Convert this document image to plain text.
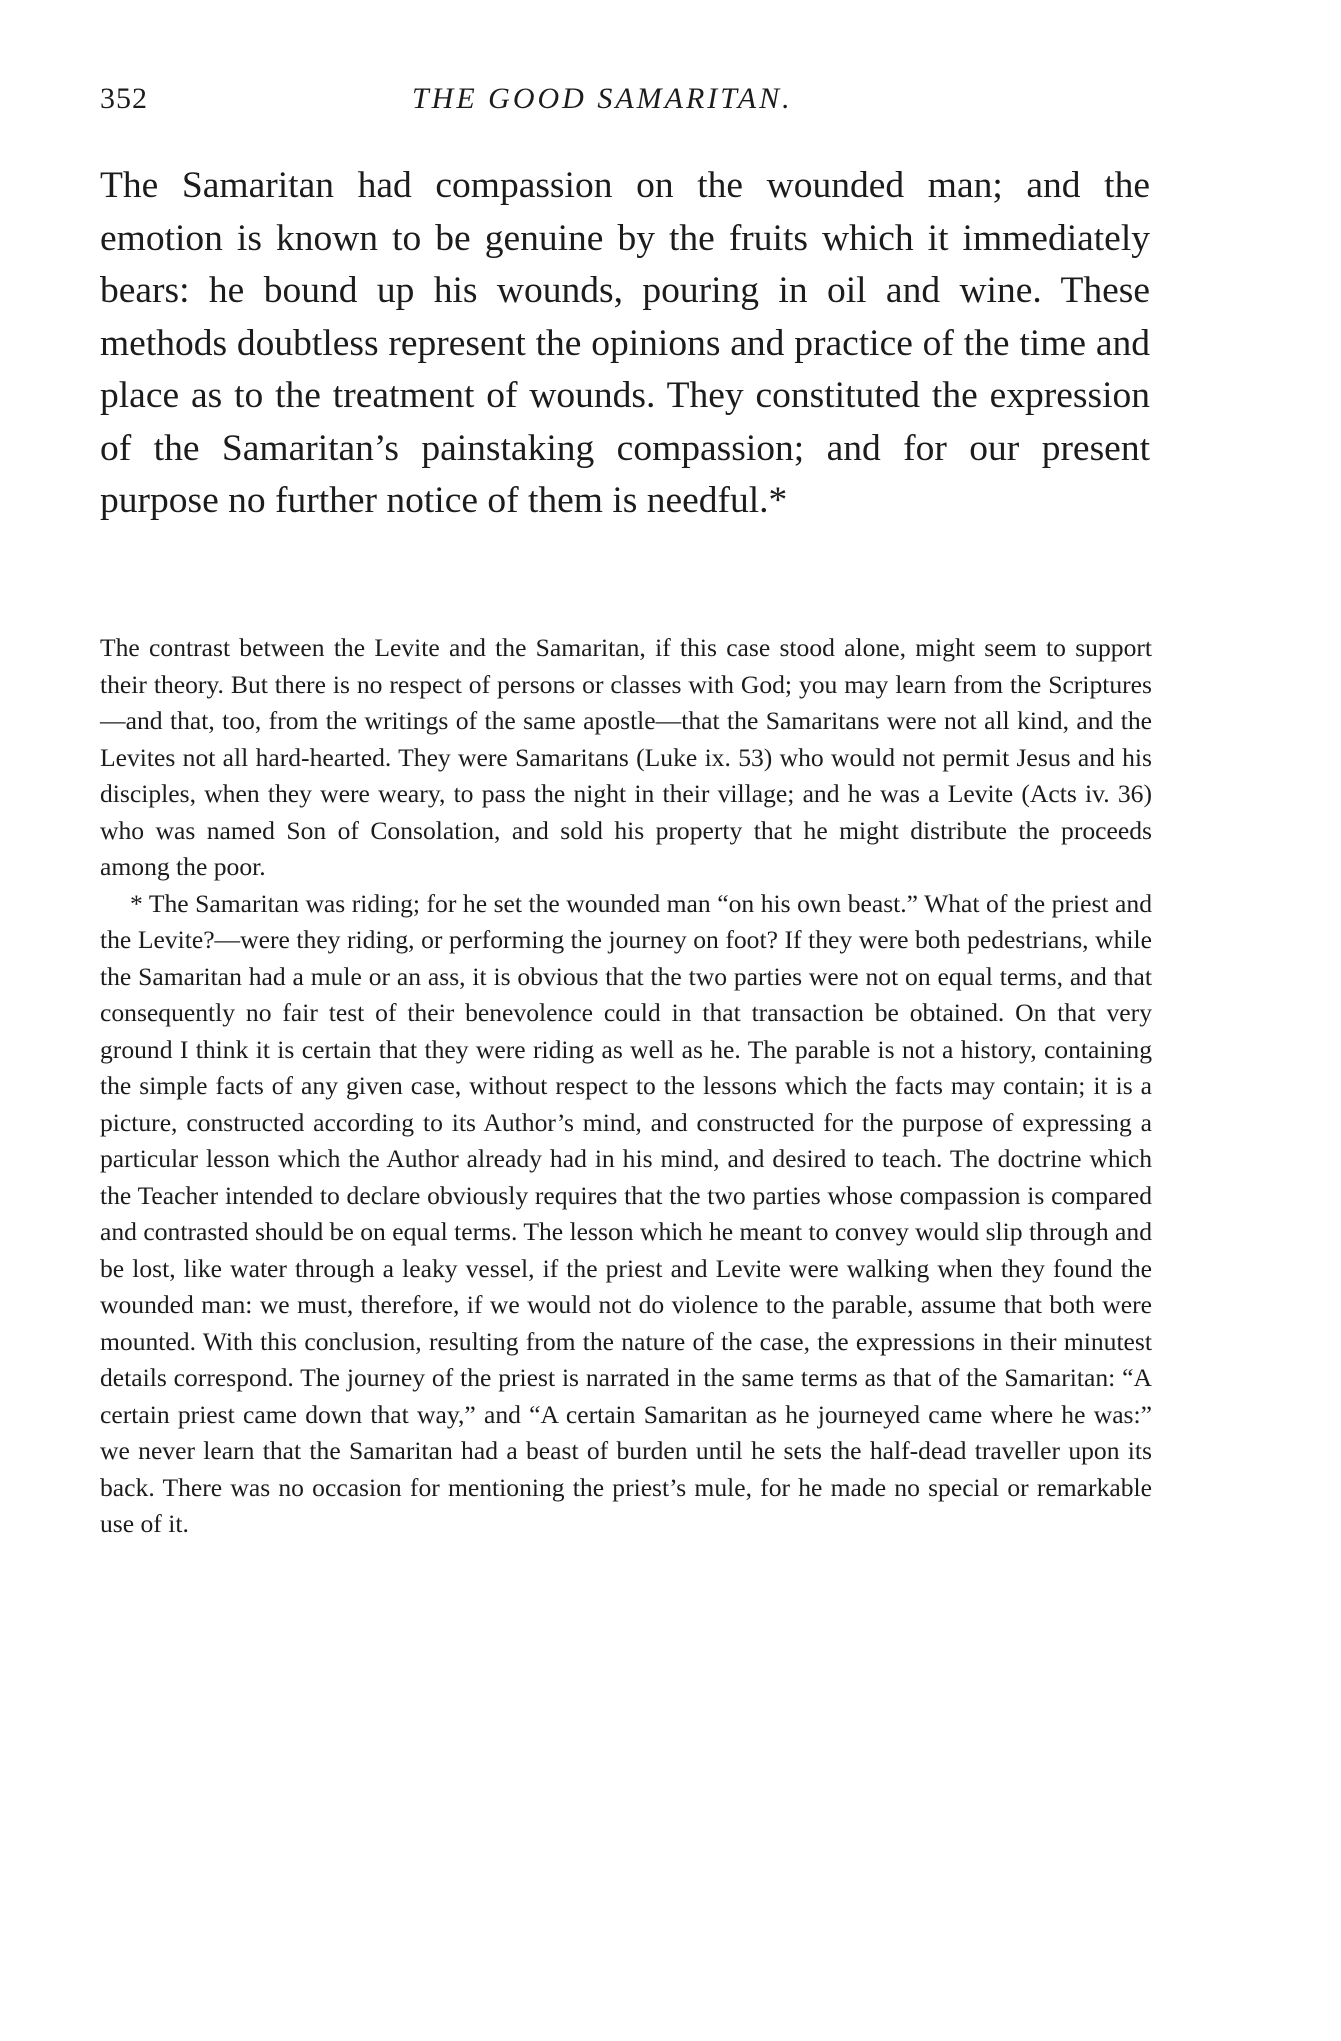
352	THE GOOD SAMARITAN.

The Samaritan had compassion on the wounded man; and the emotion is known to be genuine by the fruits which it immediately bears: he bound up his wounds, pouring in oil and wine. These methods doubtless represent the opinions and practice of the time and place as to the treatment of wounds. They constituted the expression of the Samaritan’s painstaking compassion; and for our present purpose no further notice of them is needful.*

The contrast between the Levite and the Samaritan, if this case stood alone, might seem to support their theory. But there is no respect of persons or classes with God; you may learn from the Scriptures—and that, too, from the writings of the same apostle—that the Samaritans were not all kind, and the Levites not all hard-hearted. They were Samaritans (Luke ix. 53) who would not permit Jesus and his disciples, when they were weary, to pass the night in their village; and he was a Levite (Acts iv. 36) who was named Son of Consolation, and sold his property that he might distribute the proceeds among the poor.

* The Samaritan was riding; for he set the wounded man “on his own beast.” What of the priest and the Levite?—were they riding, or performing the journey on foot? If they were both pedestrians, while the Samaritan had a mule or an ass, it is obvious that the two parties were not on equal terms, and that consequently no fair test of their benevolence could in that transaction be obtained. On that very ground I think it is certain that they were riding as well as he. The parable is not a history, containing the simple facts of any given case, without respect to the lessons which the facts may contain; it is a picture, constructed according to its Author’s mind, and constructed for the purpose of expressing a particular lesson which the Author already had in his mind, and desired to teach. The doctrine which the Teacher intended to declare obviously requires that the two parties whose compassion is compared and contrasted should be on equal terms. The lesson which he meant to convey would slip through and be lost, like water through a leaky vessel, if the priest and Levite were walking when they found the wounded man: we must, therefore, if we would not do violence to the parable, assume that both were mounted. With this conclusion, resulting from the nature of the case, the expressions in their minutest details correspond. The journey of the priest is narrated in the same terms as that of the Samaritan: “A certain priest came down that way,” and “A certain Samaritan as he journeyed came where he was:” we never learn that the Samaritan had a beast of burden until he sets the half-dead traveller upon its back. There was no occasion for mentioning the priest’s mule, for he made no special or remarkable use of it.
